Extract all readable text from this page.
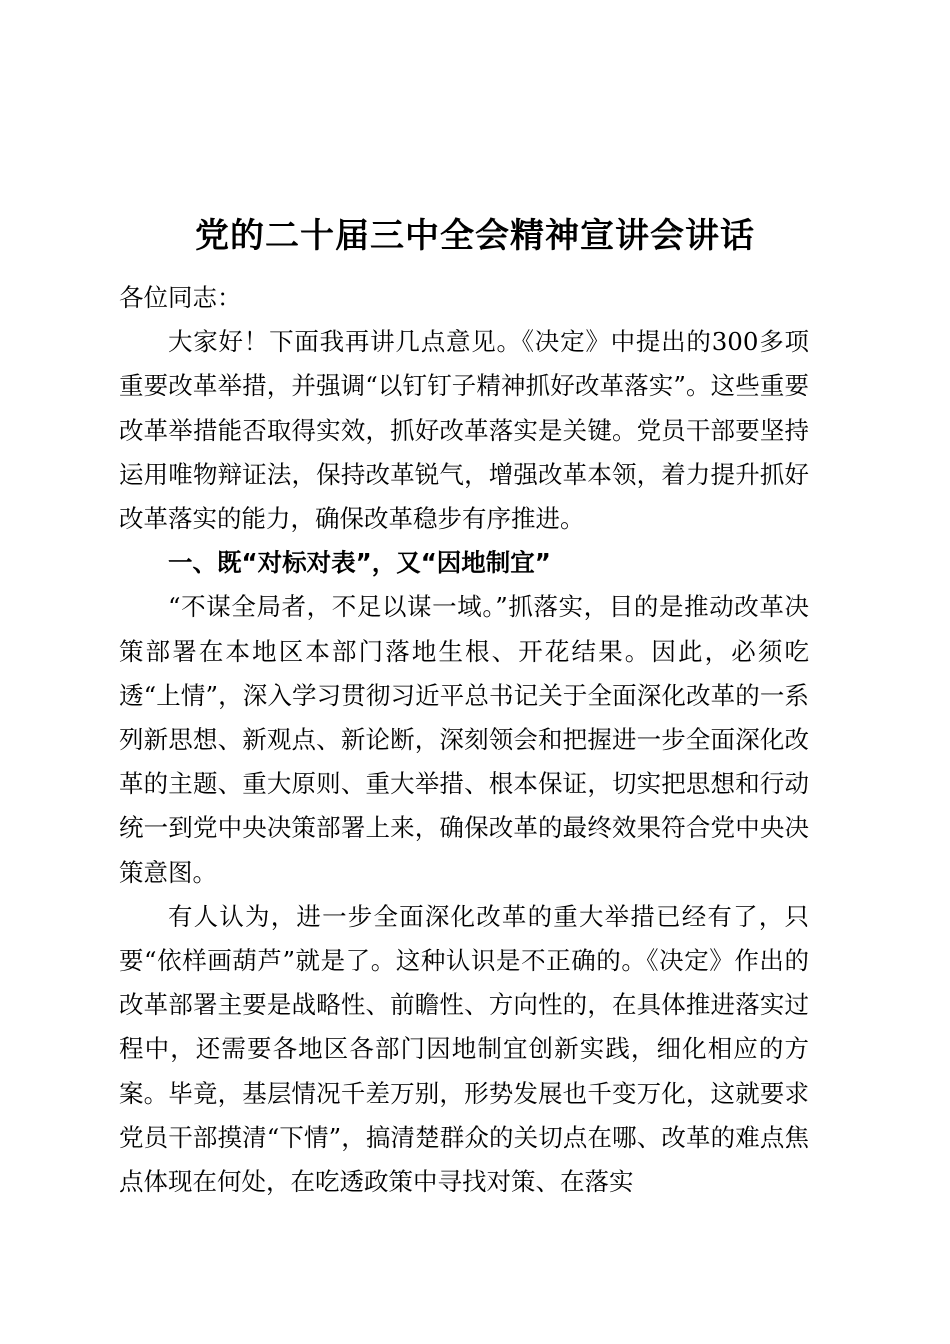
党的二十届三中全会精神宣讲会讲话

各位同志：

大家好！下面我再讲几点意见。《决定》中提出的300多项重要改革举措，并强调“以钉钉子精神抓好改革落实”。这些重要改革举措能否取得实效，抓好改革落实是关键。党员干部要坚持运用唯物辩证法，保持改革锐气，增强改革本领，着力提升抓好改革落实的能力，确保改革稳步有序推进。

一、既“对标对表”，又“因地制宜”

“不谋全局者，不足以谋一域。”抓落实，目的是推动改革决策部署在本地区本部门落地生根、开花结果。因此，必须吃透“上情”，深入学习贯彻习近平总书记关于全面深化改革的一系列新思想、新观点、新论断，深刻领会和把握进一步全面深化改革的主题、重大原则、重大举措、根本保证，切实把思想和行动统一到党中央决策部署上来，确保改革的最终效果符合党中央决策意图。

有人认为，进一步全面深化改革的重大举措已经有了，只要“依样画葫芦”就是了。这种认识是不正确的。《决定》作出的改革部署主要是战略性、前瞻性、方向性的，在具体推进落实过程中，还需要各地区各部门因地制宜创新实践，细化相应的方案。毕竟，基层情况千差万别，形势发展也千变万化，这就要求党员干部摸清“下情”，搞清楚群众的关切点在哪、改革的难点焦点体现在何处，在吃透政策中寻找对策、在落实
